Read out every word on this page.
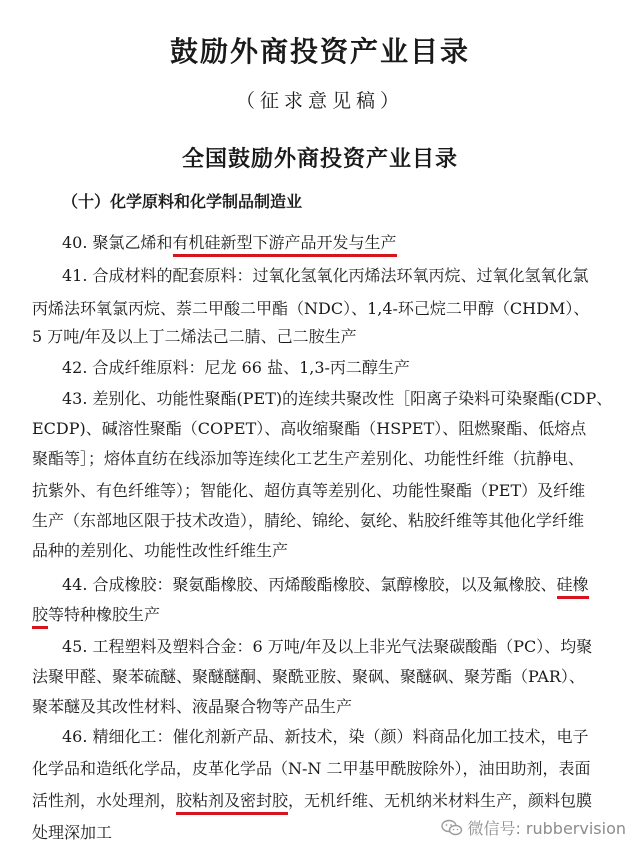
鼓励外商投资产业目录
（征求意见稿）
全国鼓励外商投资产业目录
（十）化学原料和化学制品制造业
40. 聚氯乙烯和有机硅新型下游产品开发与生产
41. 合成材料的配套原料：过氧化氢氧化丙烯法环氧丙烷、过氧化氢氧化氯
丙烯法环氧氯丙烷、萘二甲酸二甲酯（NDC）、1,4-环己烷二甲醇（CHDM）、
5 万吨/年及以上丁二烯法己二腈、己二胺生产
42. 合成纤维原料：尼龙 66 盐、1,3-丙二醇生产
43. 差别化、功能性聚酯(PET)的连续共聚改性［阳离子染料可染聚酯(CDP、
ECDP)、碱溶性聚酯（COPET）、高收缩聚酯（HSPET）、阻燃聚酯、低熔点
聚酯等］；熔体直纺在线添加等连续化工艺生产差别化、功能性纤维（抗静电、
抗紫外、有色纤维等）；智能化、超仿真等差别化、功能性聚酯（PET）及纤维
生产（东部地区限于技术改造），腈纶、锦纶、氨纶、粘胶纤维等其他化学纤维
品种的差别化、功能性改性纤维生产
44. 合成橡胶：聚氨酯橡胶、丙烯酸酯橡胶、氯醇橡胶，以及氟橡胶、硅橡
胶等特种橡胶生产
45. 工程塑料及塑料合金：6 万吨/年及以上非光气法聚碳酸酯（PC）、均聚
法聚甲醛、聚苯硫醚、聚醚醚酮、聚酰亚胺、聚砜、聚醚砜、聚芳酯（PAR）、
聚苯醚及其改性材料、液晶聚合物等产品生产
46. 精细化工：催化剂新产品、新技术，染（颜）料商品化加工技术，电子
化学品和造纸化学品，皮革化学品（N-N 二甲基甲酰胺除外），油田助剂，表面
活性剂，水处理剂，胶粘剂及密封胶，无机纤维、无机纳米材料生产，颜料包膜
处理深加工	微信号: rubbervision
